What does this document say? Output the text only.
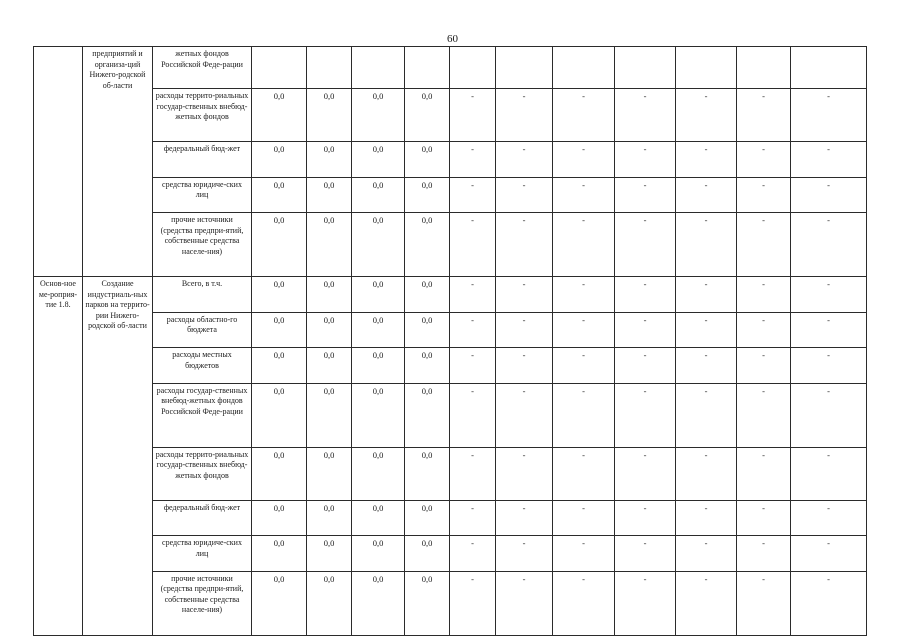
60
	предприятий и организа-ций Нижего-родской об-ласти	жетных фондов Российской Феде-рации												
		расходы террито-риальных государ-ственных внебюд-жетных фондов	0,0	0,0	0,0	0,0	-	-	-	-	-	-	-	
		федеральный бюд-жет	0,0	0,0	0,0	0,0	-	-	-	-	-	-	-	
		средства юридиче-ских лиц	0,0	0,0	0,0	0,0	-	-	-	-	-	-	-	
		прочие источники (средства предпри-ятий, собственные средства населе-ния)	0,0	0,0	0,0	0,0	-	-	-	-	-	-	-	
Основ-ное ме-роприя-тие 1.8.	Создание индустриаль-ных парков на террито-рии Нижего-родской об-ласти	Всего, в т.ч.	0,0	0,0	0,0	0,0	-	-	-	-	-	-	-	
		расходы областно-го бюджета	0,0	0,0	0,0	0,0	-	-	-	-	-	-	-	
		расходы местных бюджетов	0,0	0,0	0,0	0,0	-	-	-	-	-	-	-	
		расходы государ-ственных внебюд-жетных фондов Российской Феде-рации	0,0	0,0	0,0	0,0	-	-	-	-	-	-	-	
		расходы террито-риальных государ-ственных внебюд-жетных фондов	0,0	0,0	0,0	0,0	-	-	-	-	-	-	-	
		федеральный бюд-жет	0,0	0,0	0,0	0,0	-	-	-	-	-	-	-	
		средства юридиче-ских лиц	0,0	0,0	0,0	0,0	-	-	-	-	-	-	-	
		прочие источники (средства предпри-ятий, собственные средства населе-ния)	0,0	0,0	0,0	0,0	-	-	-	-	-	-	-	
